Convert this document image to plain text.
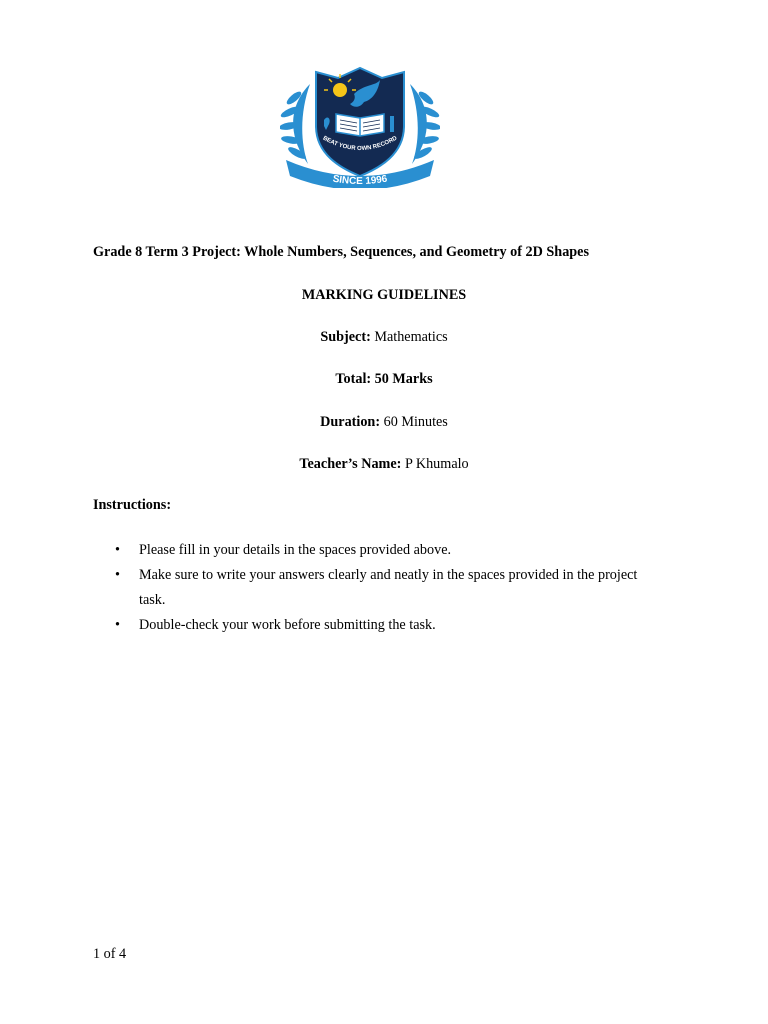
BEAT YOUR OWN RECORD
SINCE 1996
Grade 8 Term 3 Project: Whole Numbers, Sequences, and Geometry of 2D Shapes
MARKING GUIDELINES
Subject: Mathematics
Total: 50 Marks
Duration: 60 Minutes
Teacher’s Name: P Khumalo
Instructions:
• Please fill in your details in the spaces provided above.
• Make sure to write your answers clearly and neatly in the spaces provided in the project task.
• Double-check your work before submitting the task.
1 of 4
